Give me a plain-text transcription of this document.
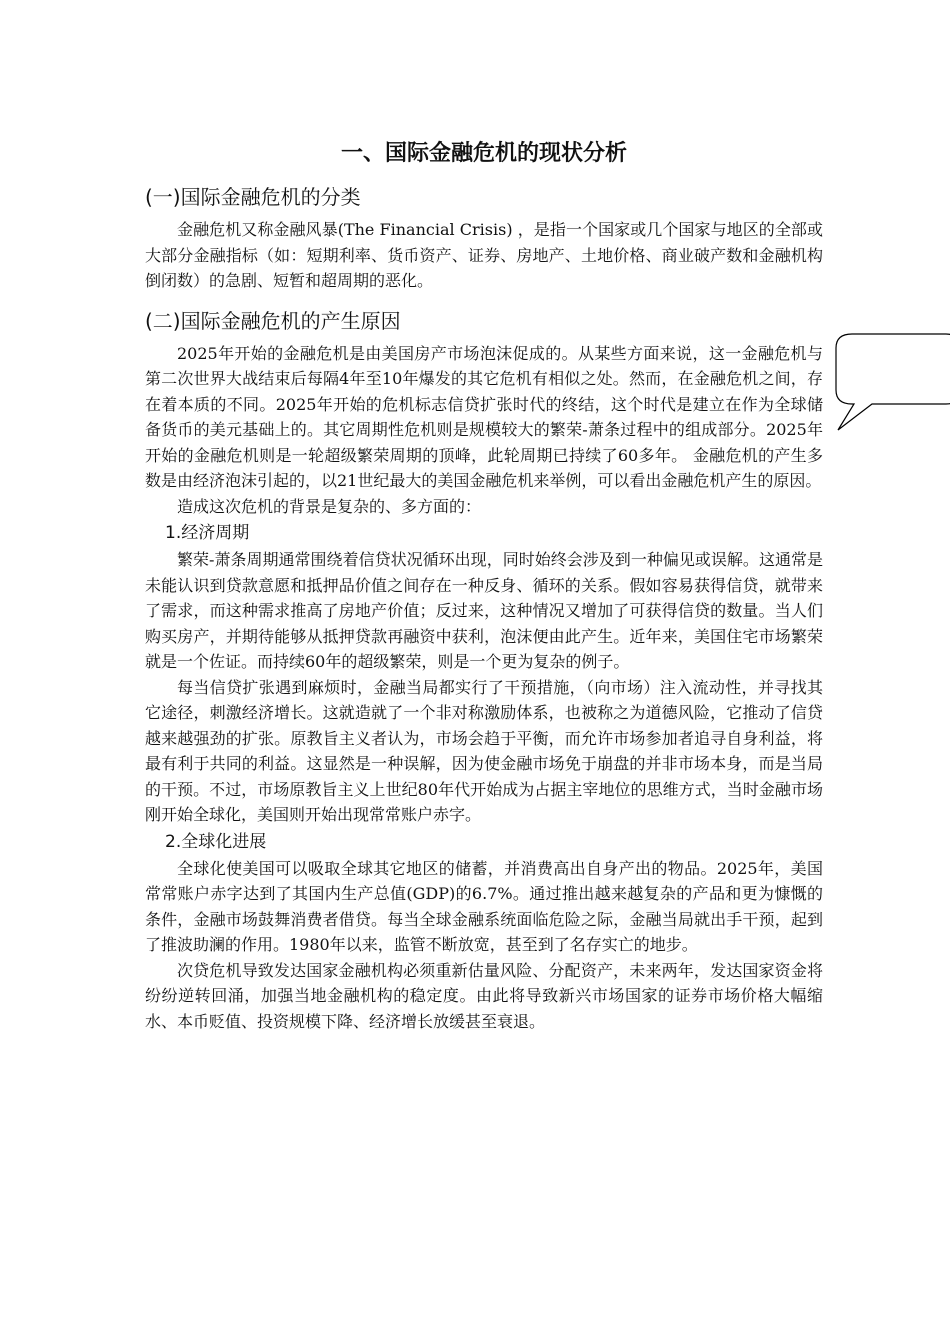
一、国际金融危机的现状分析
(一)国际金融危机的分类

金融危机又称金融风暴(The Financial Crisis) ，是指一个国家或几个国家与地区的全部或大部分金融指标（如：短期利率、货币资产、证券、房地产、土地价格、商业破产数和金融机构倒闭数）的急剧、短暂和超周期的恶化。

(二)国际金融危机的产生原因

2025年开始的金融危机是由美国房产市场泡沫促成的。从某些方面来说，这一金融危机与第二次世界大战结束后每隔4年至10年爆发的其它危机有相似之处。然而，在金融危机之间，存在着本质的不同。2025年开始的危机标志信贷扩张时代的终结，这个时代是建立在作为全球储备货币的美元基础上的。其它周期性危机则是规模较大的繁荣-萧条过程中的组成部分。2025年开始的金融危机则是一轮超级繁荣周期的顶峰，此轮周期已持续了60多年。 金融危机的产生多数是由经济泡沫引起的，以21世纪最大的美国金融危机来举例，可以看出金融危机产生的原因。

造成这次危机的背景是复杂的、多方面的：

1.经济周期

繁荣-萧条周期通常围绕着信贷状况循环出现，同时始终会涉及到一种偏见或误解。这通常是未能认识到贷款意愿和抵押品价值之间存在一种反身、循环的关系。假如容易获得信贷，就带来了需求，而这种需求推高了房地产价值；反过来，这种情况又增加了可获得信贷的数量。当人们购买房产，并期待能够从抵押贷款再融资中获利，泡沫便由此产生。近年来，美国住宅市场繁荣就是一个佐证。而持续60年的超级繁荣，则是一个更为复杂的例子。

每当信贷扩张遇到麻烦时，金融当局都实行了干预措施，（向市场）注入流动性，并寻找其它途径，刺激经济增长。这就造就了一个非对称激励体系，也被称之为道德风险，它推动了信贷越来越强劲的扩张。原教旨主义者认为，市场会趋于平衡，而允许市场参加者追寻自身利益，将最有利于共同的利益。这显然是一种误解，因为使金融市场免于崩盘的并非市场本身，而是当局的干预。不过，市场原教旨主义上世纪80年代开始成为占据主宰地位的思维方式，当时金融市场刚开始全球化，美国则开始出现常常账户赤字。

2.全球化进展

全球化使美国可以吸取全球其它地区的储蓄，并消费高出自身产出的物品。2025年，美国常常账户赤字达到了其国内生产总值(GDP)的6.7%。通过推出越来越复杂的产品和更为慷慨的条件，金融市场鼓舞消费者借贷。每当全球金融系统面临危险之际，金融当局就出手干预，起到了推波助澜的作用。1980年以来，监管不断放宽，甚至到了名存实亡的地步。

次贷危机导致发达国家金融机构必须重新估量风险、分配资产，未来两年，发达国家资金将纷纷逆转回涌，加强当地金融机构的稳定度。由此将导致新兴市场国家的证券市场价格大幅缩水、本币贬值、投资规模下降、经济增长放缓甚至衰退。
